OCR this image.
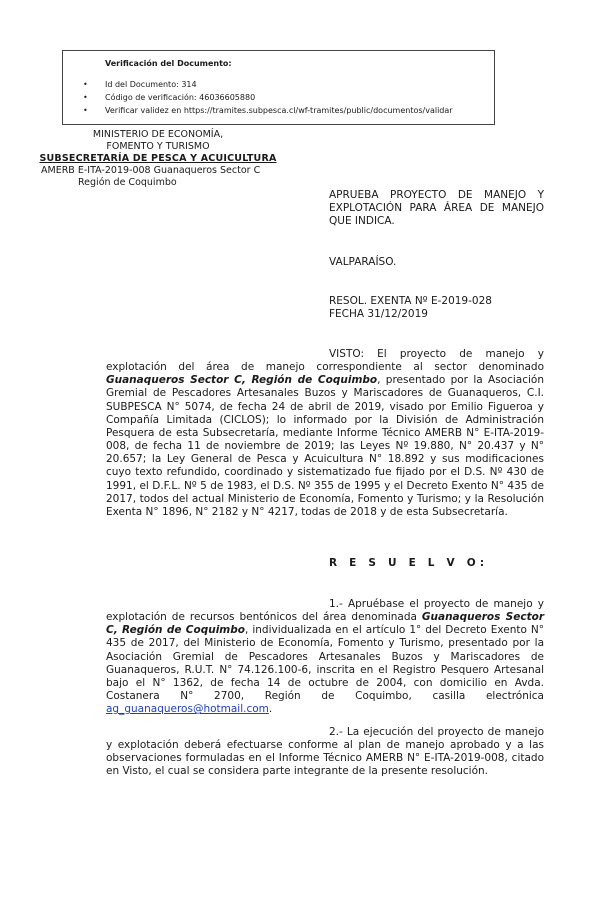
Verificación del Documento:
• Id del Documento: 314
• Código de verificación: 46036605880
• Verificar validez en https://tramites.subpesca.cl/wf-tramites/public/documentos/validar
MINISTERIO DE ECONOMÍA,
FOMENTO Y TURISMO
SUBSECRETARÍA DE PESCA Y ACUICULTURA
AMERB E-ITA-2019-008 Guanaqueros Sector C
Región de Coquimbo
APRUEBA PROYECTO DE MANEJO Y EXPLOTACIÓN PARA ÁREA DE MANEJO QUE INDICA.
VALPARAÍSO.
RESOL. EXENTA Nº E-2019-028
FECHA 31/12/2019
VISTO: El proyecto de manejo y explotación del área de manejo correspondiente al sector denominado Guanaqueros Sector C, Región de Coquimbo, presentado por la Asociación Gremial de Pescadores Artesanales Buzos y Mariscadores de Guanaqueros, C.I. SUBPESCA N° 5074, de fecha 24 de abril de 2019, visado por Emilio Figueroa y Compañía Limitada (CICLOS); lo informado por la División de Administración Pesquera de esta Subsecretaría, mediante Informe Técnico AMERB N° E-ITA-2019-008, de fecha 11 de noviembre de 2019; las Leyes Nº 19.880, N° 20.437 y N° 20.657; la Ley General de Pesca y Acuicultura N° 18.892 y sus modificaciones cuyo texto refundido, coordinado y sistematizado fue fijado por el D.S. Nº 430 de 1991, el D.F.L. Nº 5 de 1983, el D.S. Nº 355 de 1995 y el Decreto Exento N° 435 de 2017, todos del actual Ministerio de Economía, Fomento y Turismo; y la Resolución Exenta N° 1896, N° 2182 y N° 4217, todas de 2018 y de esta Subsecretaría.
R E S U E L V O:
1.- Apruébase el proyecto de manejo y explotación de recursos bentónicos del área denominada Guanaqueros Sector C, Región de Coquimbo, individualizada en el artículo 1° del Decreto Exento N° 435 de 2017, del Ministerio de Economía, Fomento y Turismo, presentado por la Asociación Gremial de Pescadores Artesanales Buzos y Mariscadores de Guanaqueros, R.U.T. N° 74.126.100-6, inscrita en el Registro Pesquero Artesanal bajo el N° 1362, de fecha 14 de octubre de 2004, con domicilio en Avda. Costanera N° 2700, Región de Coquimbo, casilla electrónica ag_guanaqueros@hotmail.com.
2.- La ejecución del proyecto de manejo y explotación deberá efectuarse conforme al plan de manejo aprobado y a las observaciones formuladas en el Informe Técnico AMERB N° E-ITA-2019-008, citado en Visto, el cual se considera parte integrante de la presente resolución.
